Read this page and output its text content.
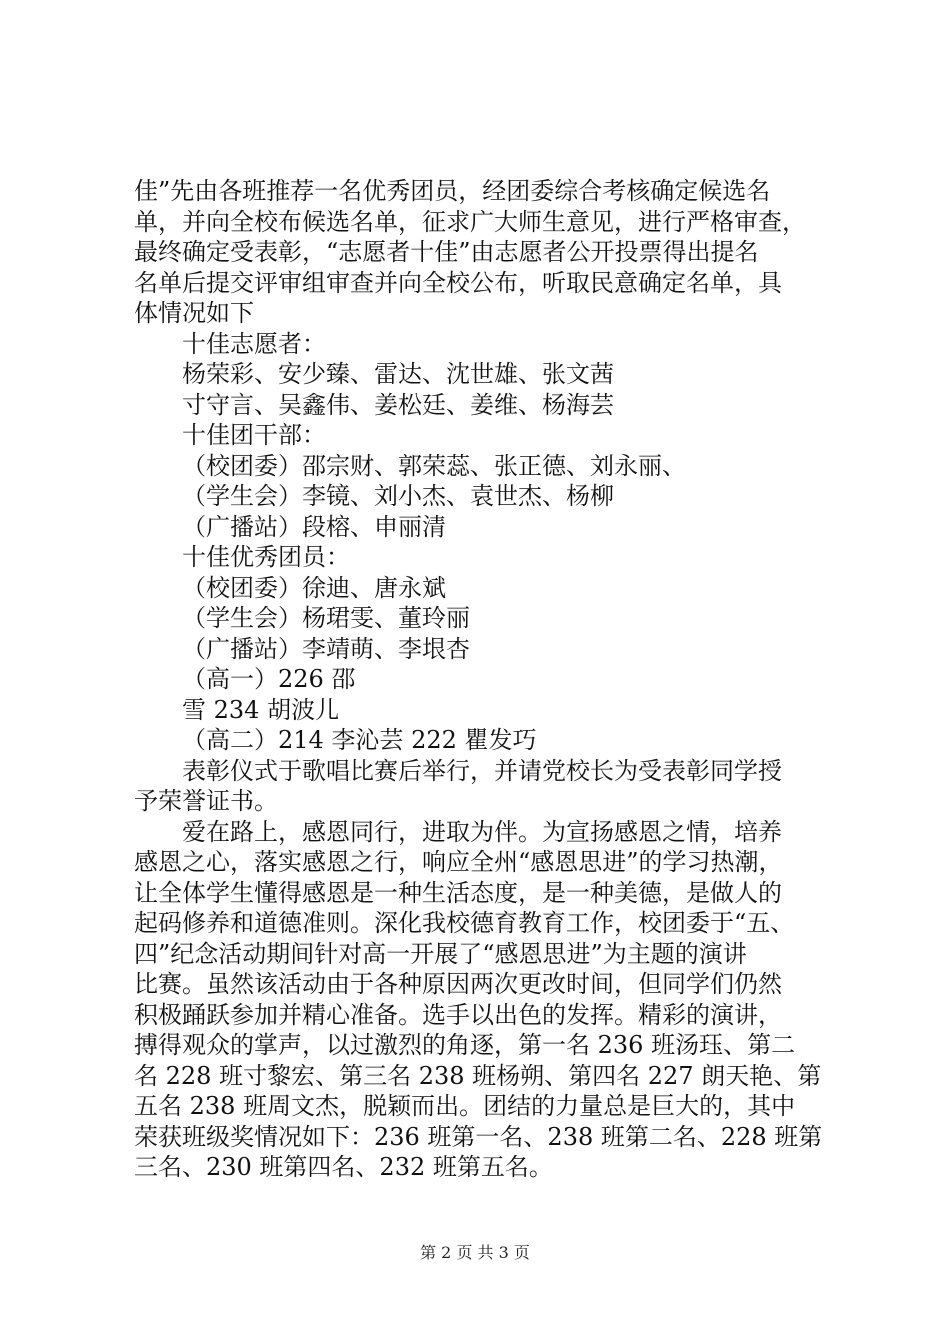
佳”先由各班推荐一名优秀团员，经团委综合考核确定候选名
单，并向全校布候选名单，征求广大师生意见，进行严格审查，
最终确定受表彰，“志愿者十佳”由志愿者公开投票得出提名
名单后提交评审组审查并向全校公布，听取民意确定名单，具
体情况如下
十佳志愿者：
杨荣彩、安少臻、雷达、沈世雄、张文茜
寸守言、吴鑫伟、姜松廷、姜维、杨海芸
十佳团干部：
（校团委）邵宗财、郭荣蕊、张正德、刘永丽、
（学生会）李镜、刘小杰、袁世杰、杨柳
（广播站）段榕、申丽清
十佳优秀团员：
（校团委）徐迪、唐永斌
（学生会）杨珺雯、董玲丽
（广播站）李靖萌、李垠杏
（高一）226 邵
雪 234 胡波儿
（高二）214 李沁芸 222 瞿发巧
表彰仪式于歌唱比赛后举行，并请党校长为受表彰同学授
予荣誉证书。
爱在路上，感恩同行，进取为伴。为宣扬感恩之情，培养
感恩之心，落实感恩之行，响应全州“感恩思进”的学习热潮，
让全体学生懂得感恩是一种生活态度，是一种美德，是做人的
起码修养和道德准则。深化我校德育教育工作，校团委于“五、
四”纪念活动期间针对高一开展了“感恩思进”为主题的演讲
比赛。虽然该活动由于各种原因两次更改时间，但同学们仍然
积极踊跃参加并精心准备。选手以出色的发挥。精彩的演讲，
搏得观众的掌声，以过激烈的角逐，第一名 236 班汤珏、第二
名 228 班寸黎宏、第三名 238 班杨朔、第四名 227 朗天艳、第
五名 238 班周文杰，脱颖而出。团结的力量总是巨大的，其中
荣获班级奖情况如下：236 班第一名、238 班第二名、228 班第
三名、230 班第四名、232 班第五名。
第 2 页 共 3 页
